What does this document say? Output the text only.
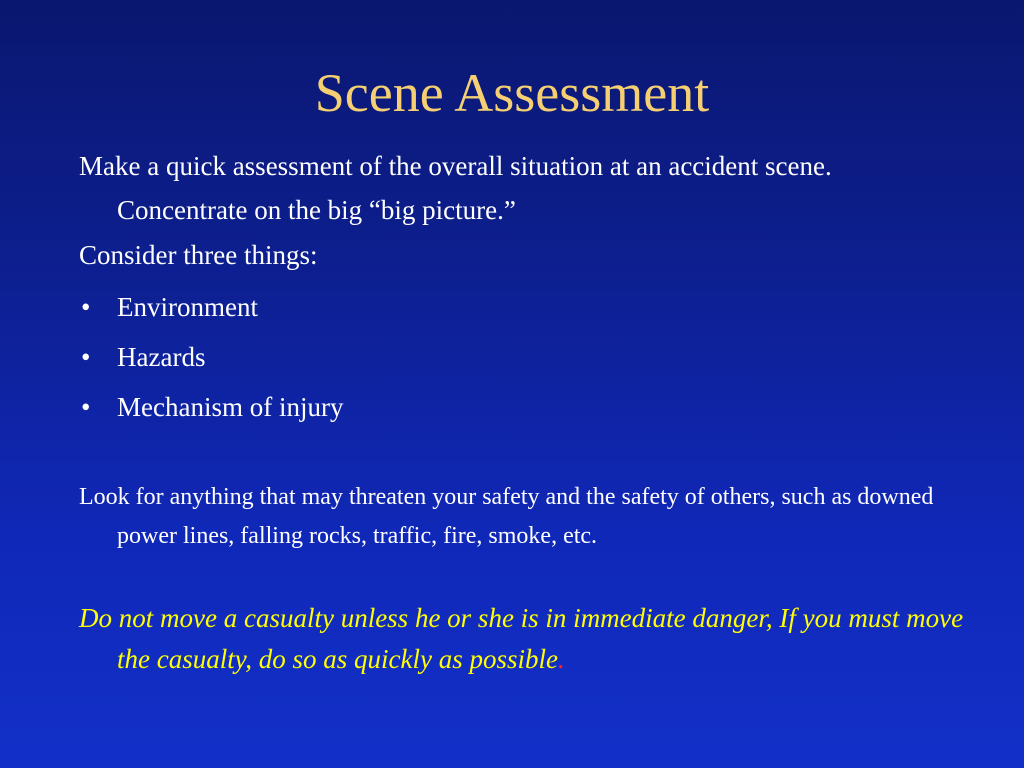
Scene Assessment

Make a quick assessment of the overall situation at an accident scene. Concentrate on the big “big picture.”

Consider three things:

• Environment
• Hazards
• Mechanism of injury

Look for anything that may threaten your safety and the safety of others, such as downed power lines, falling rocks, traffic, fire, smoke, etc.

Do not move a casualty unless he or she is in immediate danger, If you must move the casualty, do so as quickly as possible.
